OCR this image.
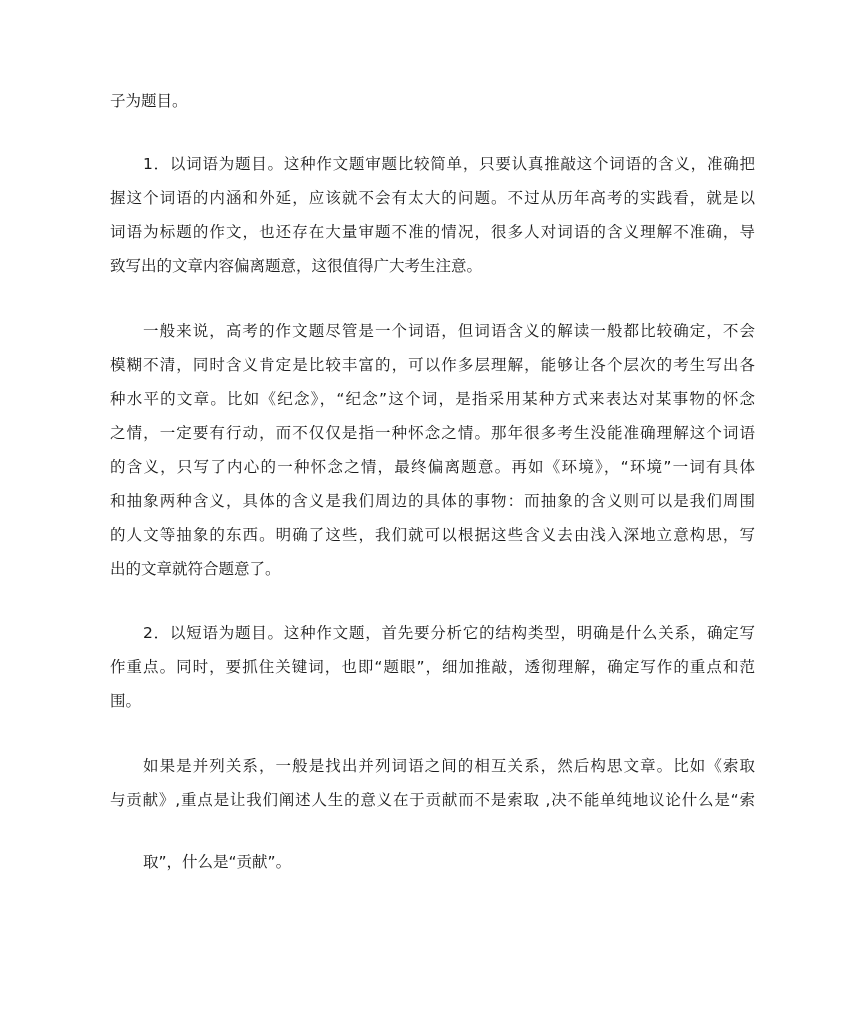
子为题目。
1．以词语为题目。这种作文题审题比较简单，只要认真推敲这个词语的含义，准确把
握这个词语的内涵和外延，应该就不会有太大的问题。不过从历年高考的实践看，就是以
词语为标题的作文，也还存在大量审题不准的情况，很多人对词语的含义理解不准确，导
致写出的文章内容偏离题意，这很值得广大考生注意。
一般来说，高考的作文题尽管是一个词语，但词语含义的解读一般都比较确定，不会
模糊不清，同时含义肯定是比较丰富的，可以作多层理解，能够让各个层次的考生写出各
种水平的文章。比如《纪念》，“纪念”这个词，是指采用某种方式来表达对某事物的怀念
之情，一定要有行动，而不仅仅是指一种怀念之情。那年很多考生没能准确理解这个词语
的含义，只写了内心的一种怀念之情，最终偏离题意。再如《环境》，“环境”一词有具体
和抽象两种含义，具体的含义是我们周边的具体的事物：而抽象的含义则可以是我们周围
的人文等抽象的东西。明确了这些，我们就可以根据这些含义去由浅入深地立意构思，写
出的文章就符合题意了。
2．以短语为题目。这种作文题，首先要分析它的结构类型，明确是什么关系，确定写
作重点。同时，要抓住关键词，也即“题眼”，细加推敲，透彻理解，确定写作的重点和范
围。
如果是并列关系，一般是找出并列词语之间的相互关系，然后构思文章。比如《索取
与贡献》,重点是让我们阐述人生的意义在于贡献而不是索取 ,决不能单纯地议论什么是“索
取”，什么是“贡献”。
